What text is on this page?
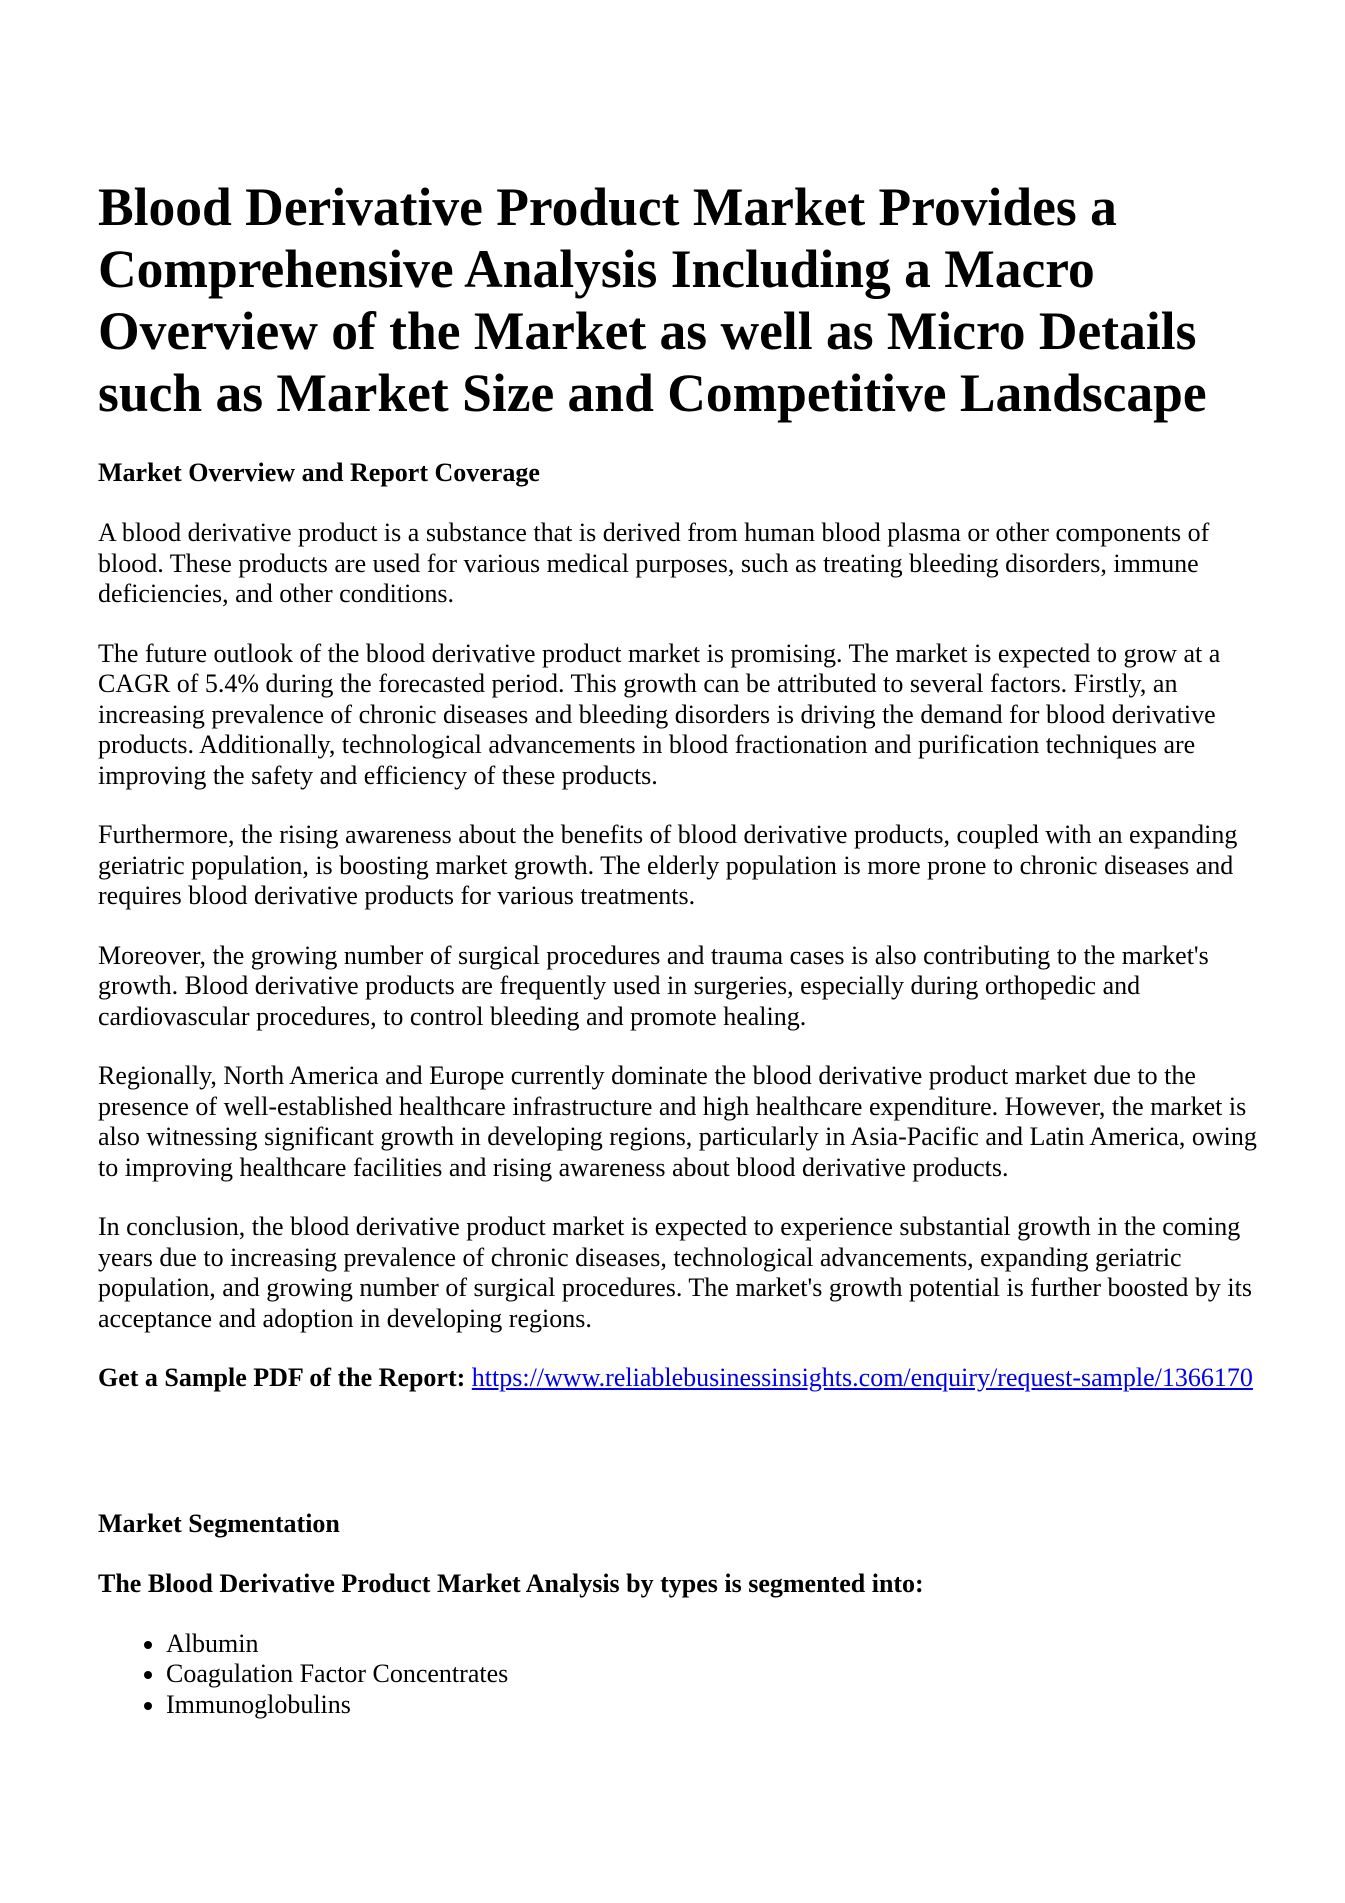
Blood Derivative Product Market Provides a Comprehensive Analysis Including a Macro Overview of the Market as well as Micro Details such as Market Size and Competitive Landscape
Market Overview and Report Coverage

A blood derivative product is a substance that is derived from human blood plasma or other components of blood. These products are used for various medical purposes, such as treating bleeding disorders, immune deficiencies, and other conditions.

The future outlook of the blood derivative product market is promising. The market is expected to grow at a CAGR of 5.4% during the forecasted period. This growth can be attributed to several factors. Firstly, an increasing prevalence of chronic diseases and bleeding disorders is driving the demand for blood derivative products. Additionally, technological advancements in blood fractionation and purification techniques are improving the safety and efficiency of these products.

Furthermore, the rising awareness about the benefits of blood derivative products, coupled with an expanding geriatric population, is boosting market growth. The elderly population is more prone to chronic diseases and requires blood derivative products for various treatments.

Moreover, the growing number of surgical procedures and trauma cases is also contributing to the market's growth. Blood derivative products are frequently used in surgeries, especially during orthopedic and cardiovascular procedures, to control bleeding and promote healing.

Regionally, North America and Europe currently dominate the blood derivative product market due to the presence of well-established healthcare infrastructure and high healthcare expenditure. However, the market is also witnessing significant growth in developing regions, particularly in Asia-Pacific and Latin America, owing to improving healthcare facilities and rising awareness about blood derivative products.

In conclusion, the blood derivative product market is expected to experience substantial growth in the coming years due to increasing prevalence of chronic diseases, technological advancements, expanding geriatric population, and growing number of surgical procedures. The market's growth potential is further boosted by its acceptance and adoption in developing regions.

Get a Sample PDF of the Report: https://www.reliablebusinessinsights.com/enquiry/request-sample/1366170

Market Segmentation
The Blood Derivative Product Market Analysis by types is segmented into:
• Albumin
• Coagulation Factor Concentrates
• Immunoglobulins
